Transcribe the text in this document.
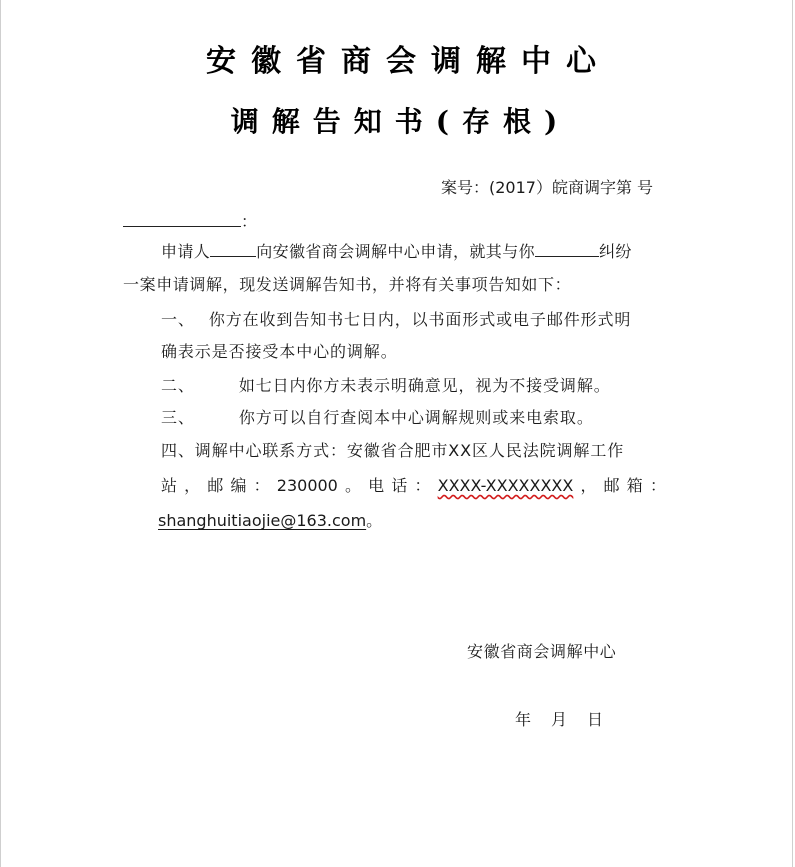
安徽省商会调解中心
调解告知书(存根)
案号：(2017）皖商调字第 号
：
申请人	向安徽省商会调解中心申请，就其与你	纠纷
一案申请调解，现发送调解告知书，并将有关事项告知如下：
一、 你方在收到告知书七日内，以书面形式或电子邮件形式明
确表示是否接受本中心的调解。
二、	如七日内你方未表示明确意见，视为不接受调解。
三、	你方可以自行查阅本中心调解规则或来电索取。
四、调解中心联系方式：安徽省合肥市XX区人民法院调解工作
站 ， 邮 编 ： 230000 。 电 话 ： XXXX-XXXXXXXX ， 邮 箱 ：
shanghuitiaojie@163.com。
安徽省商会调解中心
年 月 日
